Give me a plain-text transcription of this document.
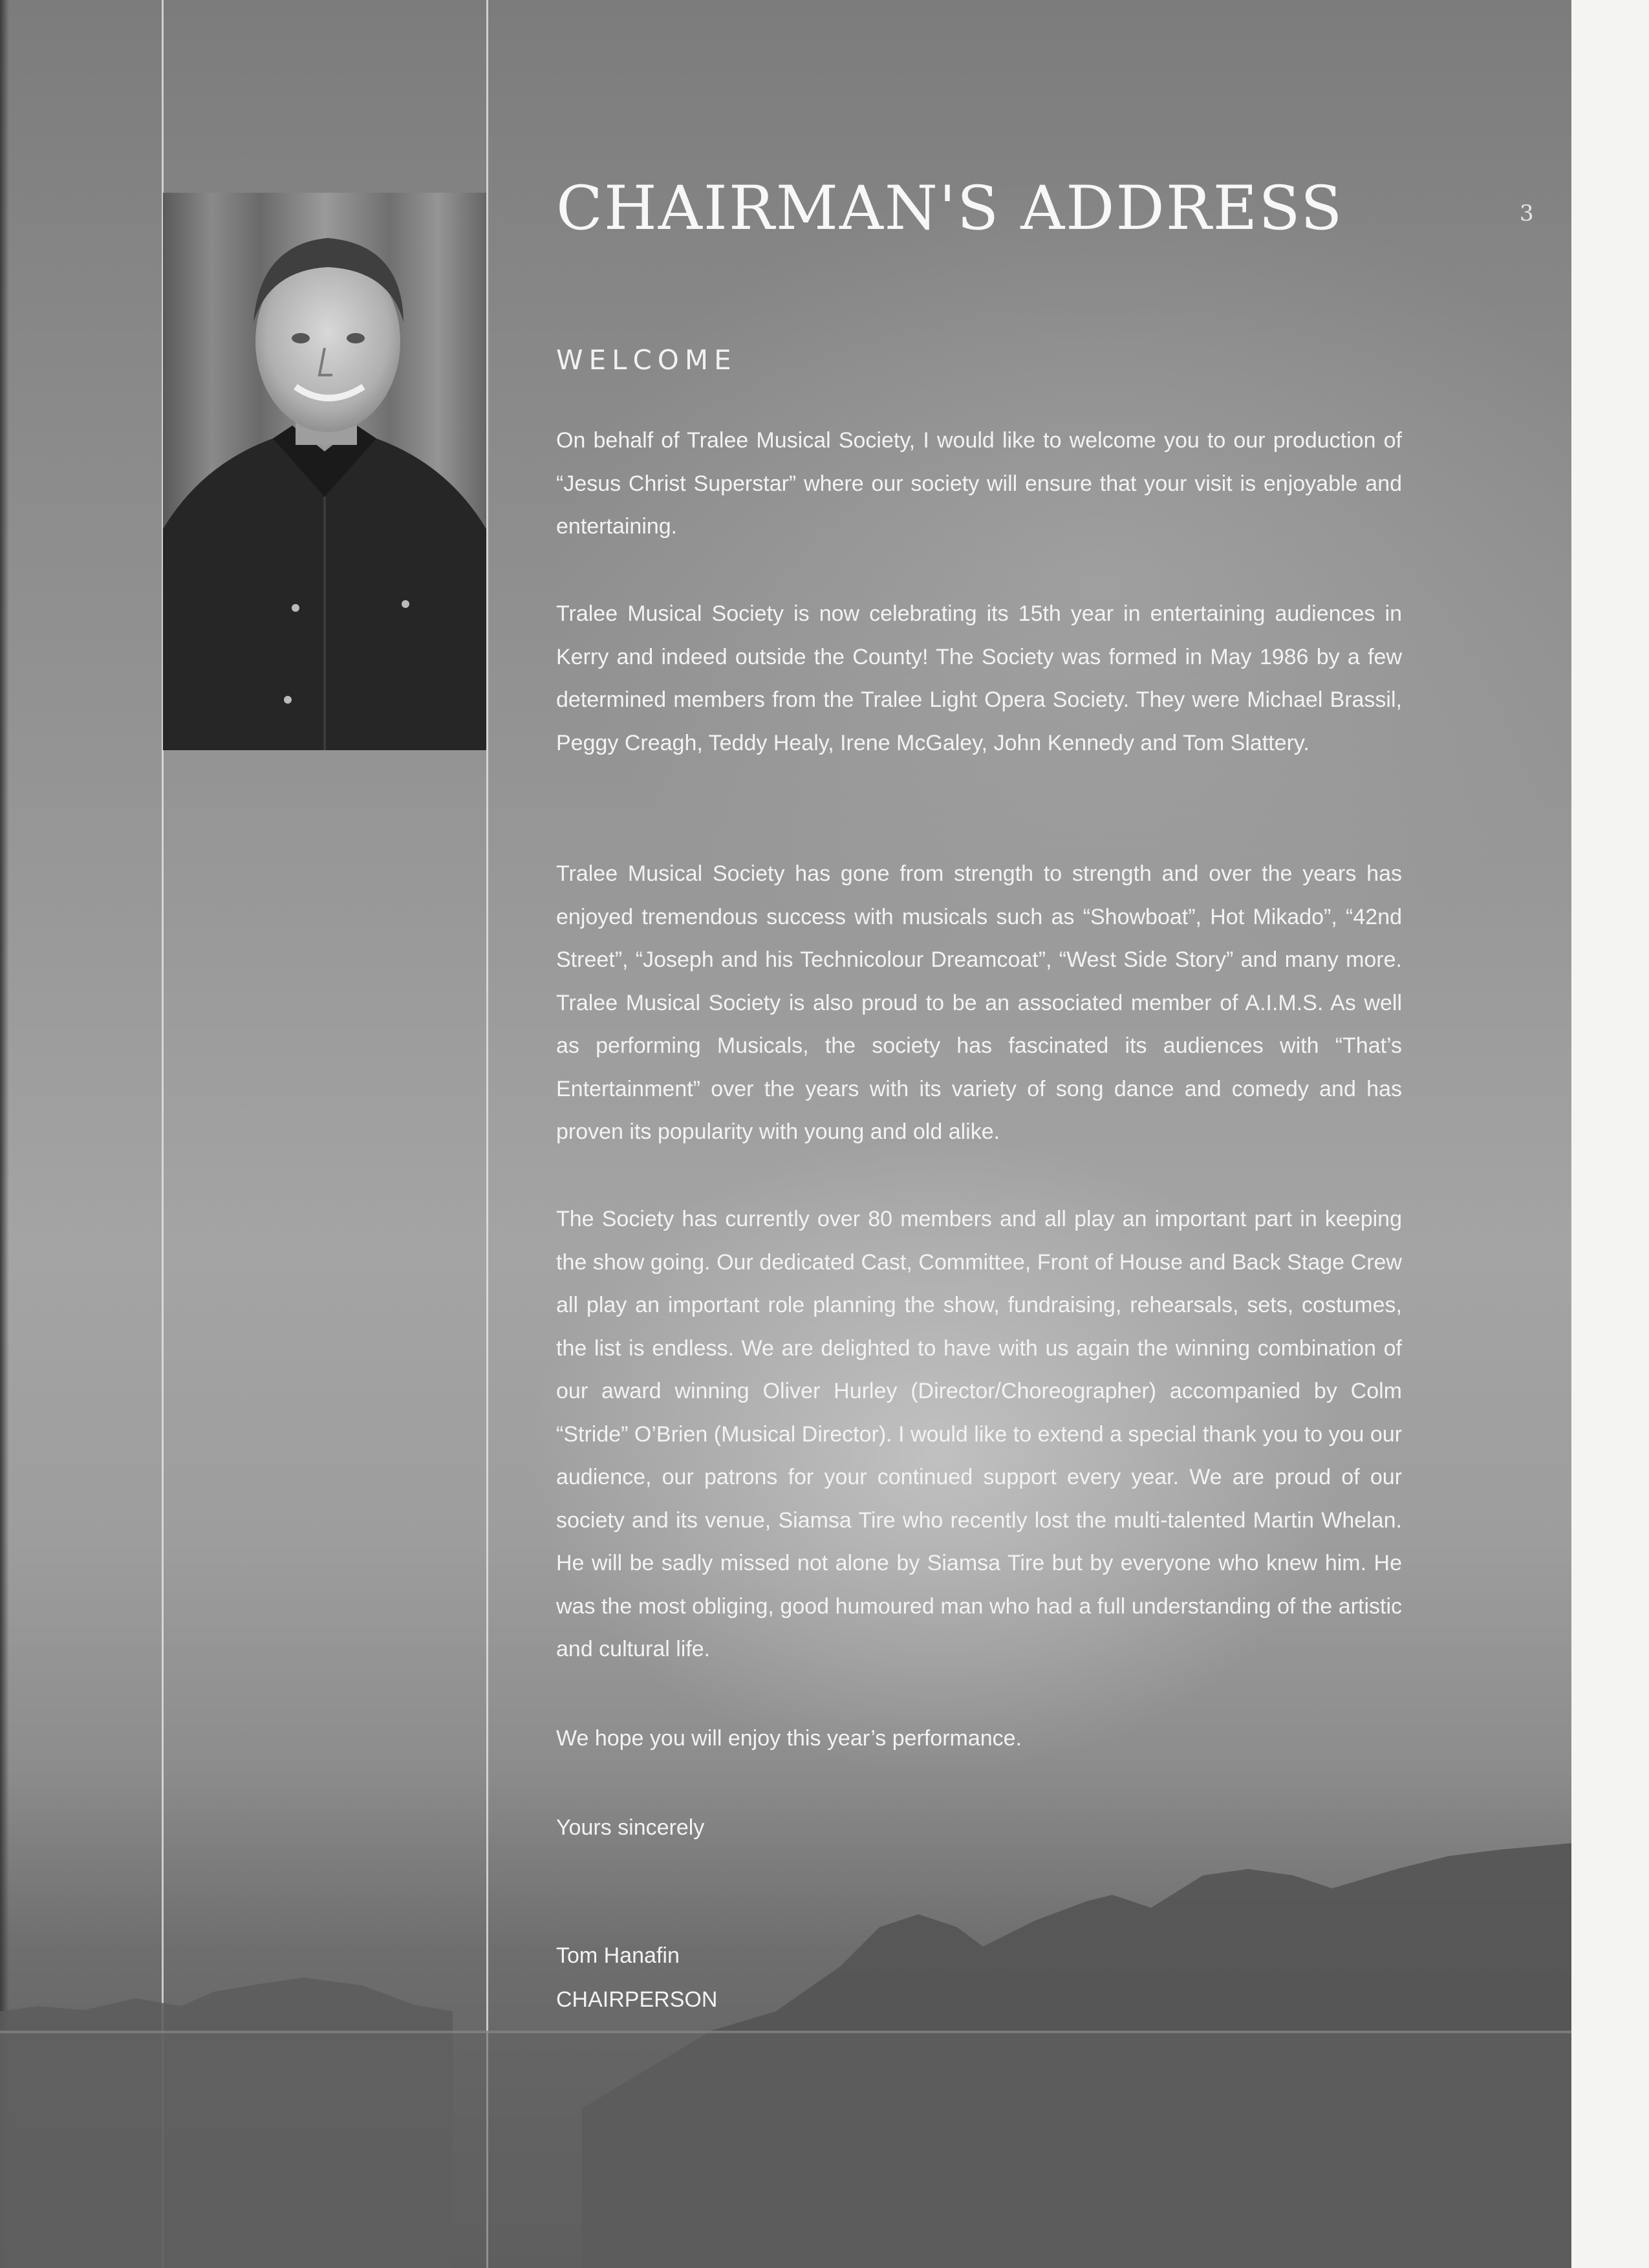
CHAIRMAN'S ADDRESS
WELCOME

On behalf of Tralee Musical Society, I would like to welcome you to our production of “Jesus Christ Superstar” where our society will ensure that your visit is enjoyable and entertaining.

Tralee Musical Society is now celebrating its 15th year in entertaining audiences in Kerry and indeed outside the County! The Society was formed in May 1986 by a few determined members from the Tralee Light Opera Society. They were Michael Brassil, Peggy Creagh, Teddy Healy, Irene McGaley, John Kennedy and Tom Slattery.

Tralee Musical Society has gone from strength to strength and over the years has enjoyed tremendous success with musicals such as “Showboat”, Hot Mikado”, “42nd Street”, “Joseph and his Technicolour Dreamcoat”, “West Side Story” and many more. Tralee Musical Society is also proud to be an associated member of A.I.M.S. As well as performing Musicals, the society has fascinated its audiences with “That’s Entertainment” over the years with its variety of song dance and comedy and has proven its popularity with young and old alike.

The Society has currently over 80 members and all play an important part in keeping the show going. Our dedicated Cast, Committee, Front of House and Back Stage Crew all play an important role planning the show, fundraising, rehearsals, sets, costumes, the list is endless. We are delighted to have with us again the winning combination of our award winning Oliver Hurley (Director/Choreographer) accompanied by Colm “Stride” O’Brien (Musical Director). I would like to extend a special thank you to you our audience, our patrons for your continued support every year. We are proud of our society and its venue, Siamsa Tire who recently lost the multi-talented Martin Whelan. He will be sadly missed not alone by Siamsa Tire but by everyone who knew him. He was the most obliging, good humoured man who had a full understanding of the artistic and cultural life.

We hope you will enjoy this year’s performance.

Yours sincerely

Tom Hanafin

CHAIRPERSON

3
